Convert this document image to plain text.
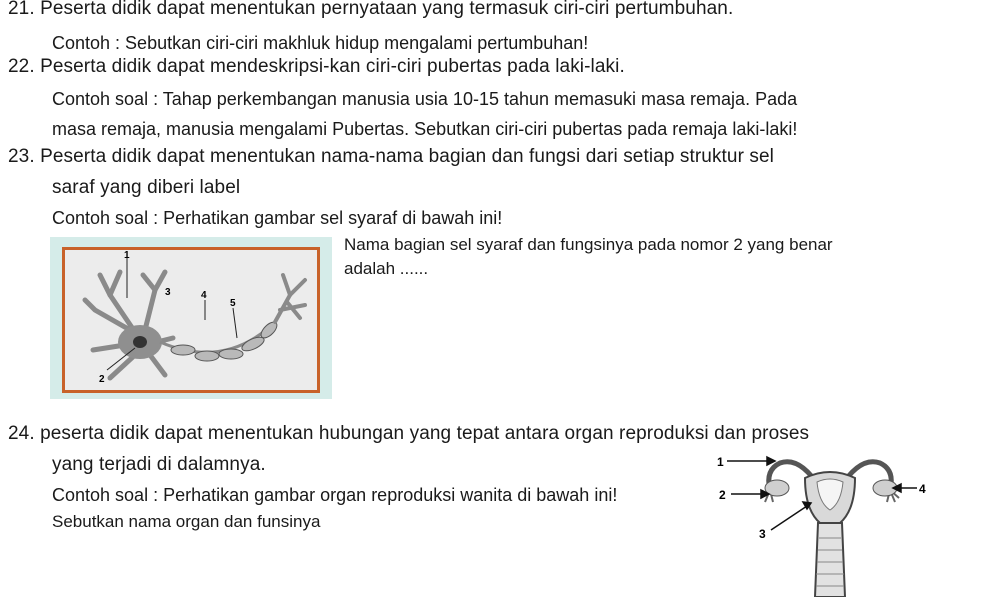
21. Peserta didik dapat menentukan pernyataan yang termasuk ciri-ciri pertumbuhan.

Contoh : Sebutkan ciri-ciri makhluk hidup mengalami pertumbuhan!

22. Peserta didik dapat mendeskripsi-kan ciri-ciri pubertas pada laki-laki.

Contoh soal : Tahap perkembangan manusia usia 10-15 tahun memasuki masa remaja. Pada

masa remaja, manusia mengalami Pubertas. Sebutkan ciri-ciri pubertas pada remaja laki-laki!

23. Peserta didik dapat menentukan nama-nama bagian dan fungsi dari setiap struktur sel

saraf yang diberi label

Contoh soal : Perhatikan gambar sel syaraf di bawah ini!

Nama bagian sel syaraf dan fungsinya pada nomor 2 yang benar

adalah ......

1
2
3	4
5

24. peserta didik dapat menentukan hubungan yang tepat antara organ reproduksi dan proses

yang terjadi di dalamnya.

Contoh soal : Perhatikan gambar organ reproduksi wanita di bawah ini!

Sebutkan nama organ dan funsinya

1
2
3
4
